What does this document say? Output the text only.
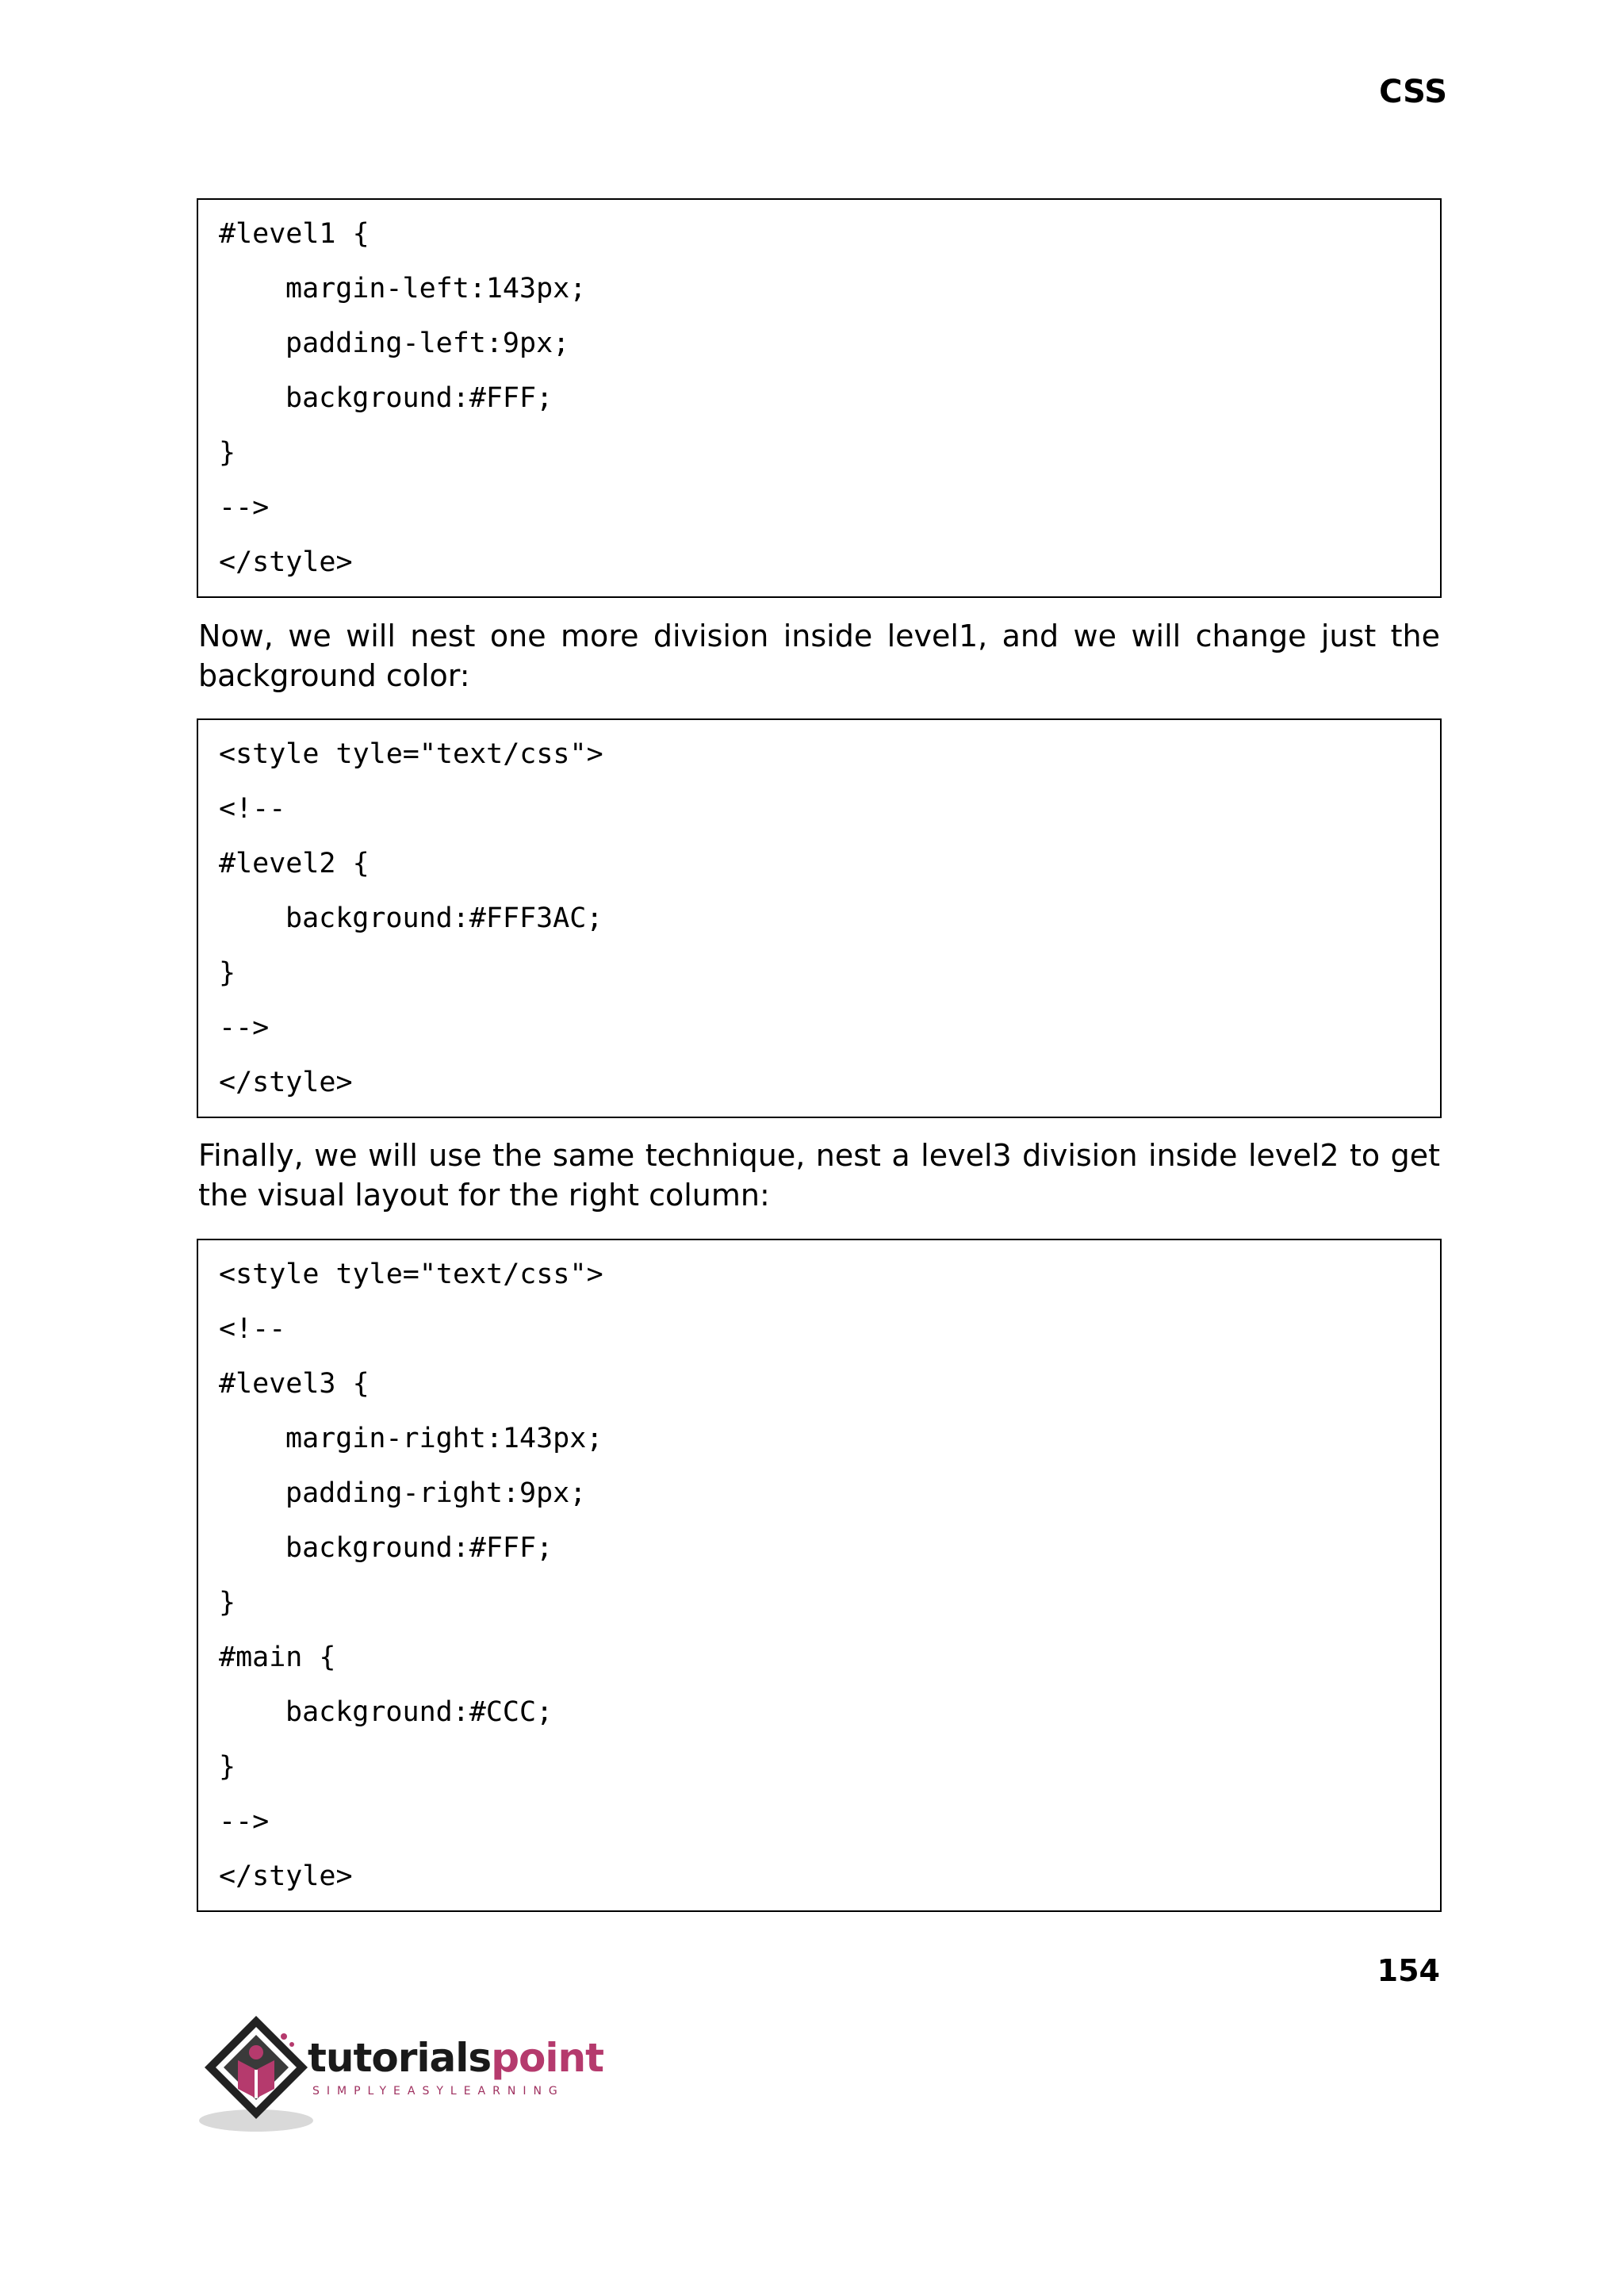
CSS
#level1 {
margin-left:143px;
padding-left:9px;
background:#FFF;
}
-->
</style>
Now, we will nest one more division inside level1, and we will change just the background color:
<style tyle="text/css">
<!--
#level2 {
background:#FFF3AC;
}
-->
</style>
Finally, we will use the same technique, nest a level3 division inside level2 to get the visual layout for the right column:
<style tyle="text/css">
<!--
#level3 {
margin-right:143px;
padding-right:9px;
background:#FFF;
}
#main {
background:#CCC;
}
-->
</style>
154
tutorialspoint
SIMPLYEASYLEARNING
